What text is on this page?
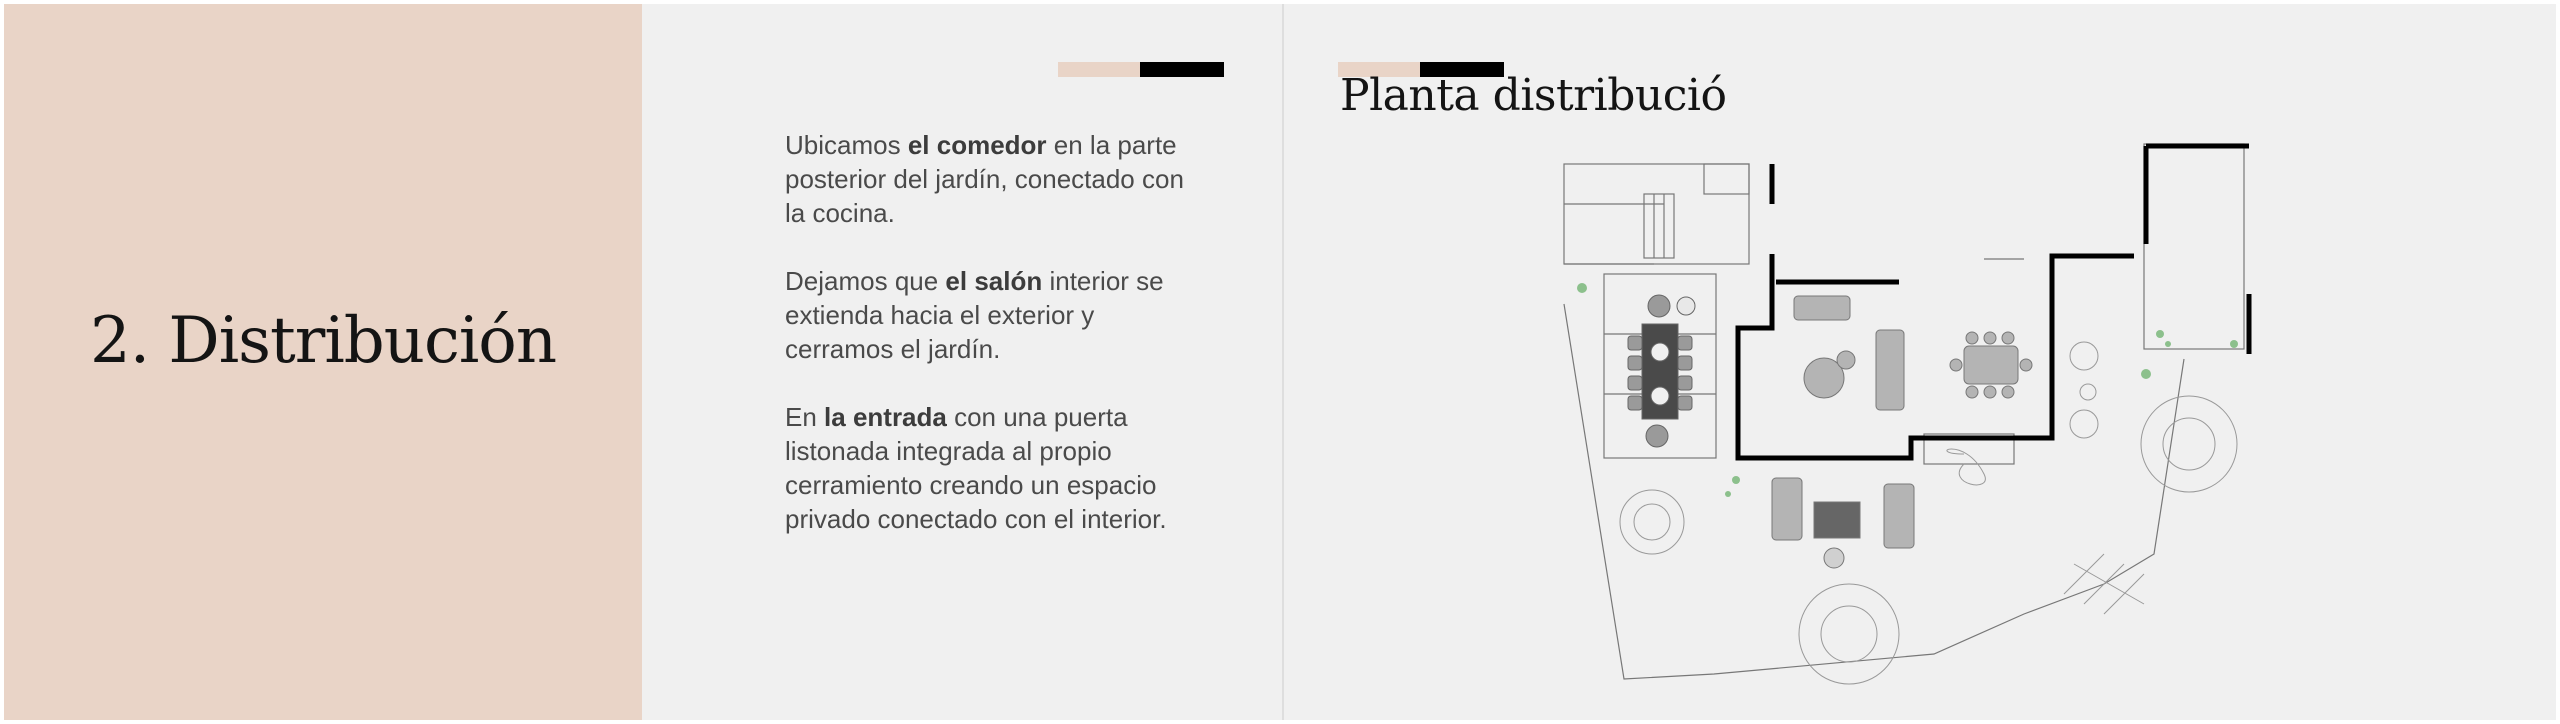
2. Distribución

Ubicamos el comedor en la parte posterior del jardín, conectado con la cocina.

Dejamos que el salón interior se extienda hacia el exterior y cerramos el jardín.

En la entrada con una puerta listonada integrada al propio cerramiento creando un espacio privado conectado con el interior.

Planta distribució
